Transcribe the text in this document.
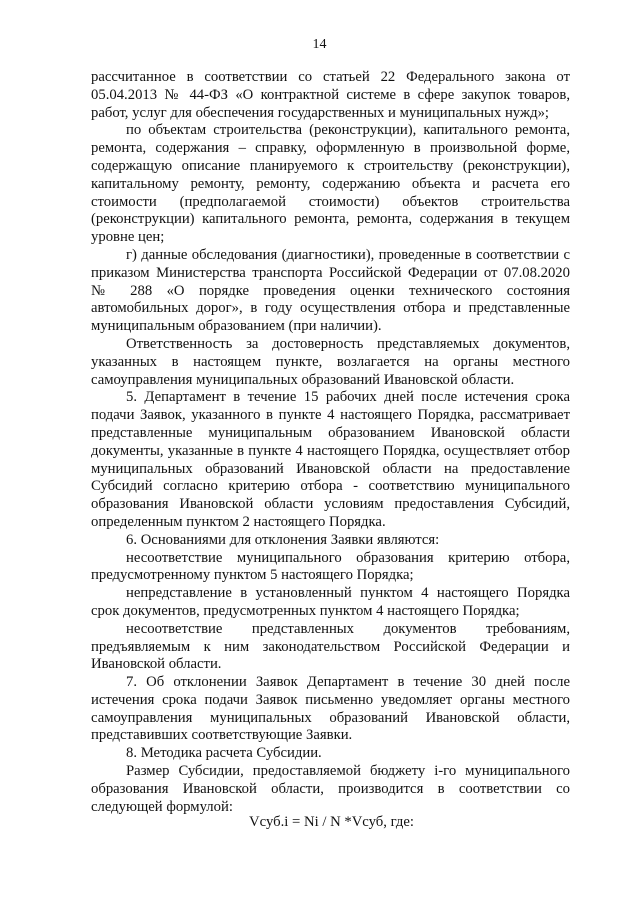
14

рассчитанное в соответствии со статьей 22 Федерального закона от 05.04.2013 № 44-ФЗ «О контрактной системе в сфере закупок товаров, работ, услуг для обеспечения государственных и муниципальных нужд»;

по объектам строительства (реконструкции), капитального ремонта, ремонта, содержания – справку, оформленную в произвольной форме, содержащую описание планируемого к строительству (реконструкции), капитальному ремонту, ремонту, содержанию объекта и расчета его стоимости (предполагаемой стоимости) объектов строительства (реконструкции) капитального ремонта, ремонта, содержания в текущем уровне цен;

г) данные обследования (диагностики), проведенные в соответствии с приказом Министерства транспорта Российской Федерации от 07.08.2020 № 288 «О порядке проведения оценки технического состояния автомобильных дорог», в году осуществления отбора и представленные муниципальным образованием (при наличии).

Ответственность за достоверность представляемых документов, указанных в настоящем пункте, возлагается на органы местного самоуправления муниципальных образований Ивановской области.

5. Департамент в течение 15 рабочих дней после истечения срока подачи Заявок, указанного в пункте 4 настоящего Порядка, рассматривает представленные муниципальным образованием Ивановской области документы, указанные в пункте 4 настоящего Порядка, осуществляет отбор муниципальных образований Ивановской области на предоставление Субсидий согласно критерию отбора - соответствию муниципального образования Ивановской области условиям предоставления Субсидий, определенным пунктом 2 настоящего Порядка.

6. Основаниями для отклонения Заявки являются:

несоответствие муниципального образования критерию отбора, предусмотренному пунктом 5 настоящего Порядка;

непредставление в установленный пунктом 4 настоящего Порядка срок документов, предусмотренных пунктом 4 настоящего Порядка;

несоответствие представленных документов требованиям, предъявляемым к ним законодательством Российской Федерации и Ивановской области.

7. Об отклонении Заявок Департамент в течение 30 дней после истечения срока подачи Заявок письменно уведомляет органы местного самоуправления муниципальных образований Ивановской области, представивших соответствующие Заявки.

8. Методика расчета Субсидии.

Размер Субсидии, предоставляемой бюджету i-го муниципального образования Ивановской области, производится в соответствии со следующей формулой:

Vсуб.i = Ni / N *Vсуб, где:
